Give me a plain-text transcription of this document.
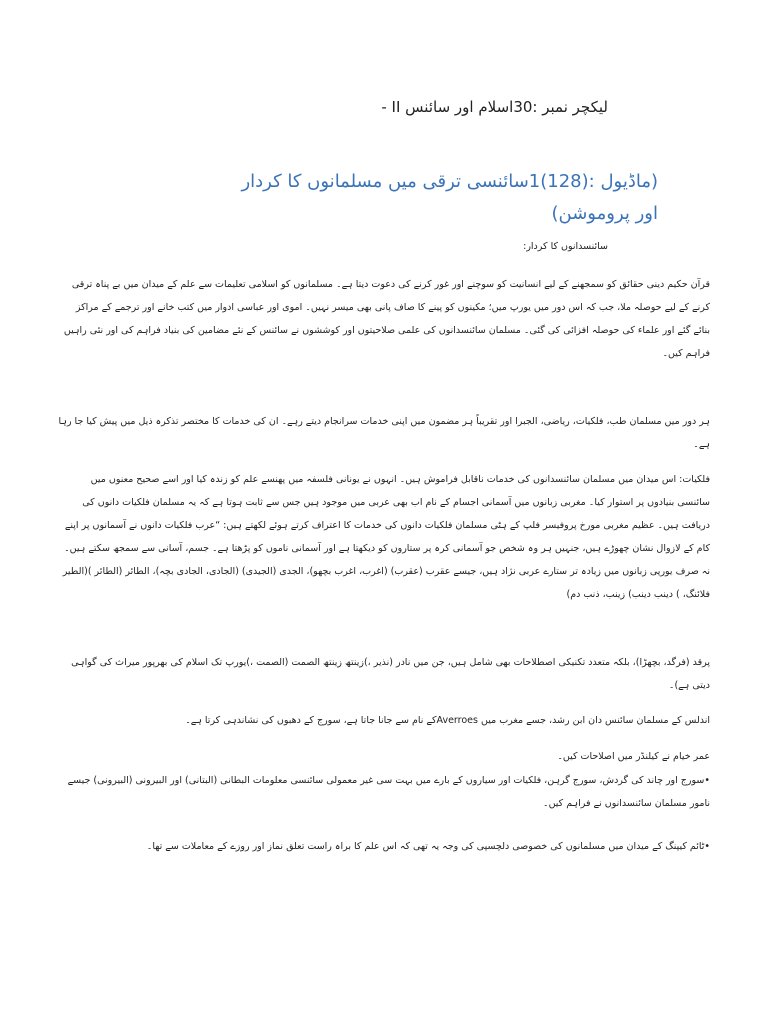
لیکچر نمبر :30اسلام اور سائنس II -

(ماڈیول :(128)1سائنسی ترقی میں مسلمانوں کا کردار اور پروموشن)

سائنسدانوں کا کردار:

قرآن حکیم دینی حقائق کو سمجھنے کے لیے انسانیت کو سوچنے اور غور کرنے کی دعوت دیتا ہے۔ مسلمانوں کو اسلامی تعلیمات سے علم کے میدان میں بے پناہ ترقی کرنے کے لیے حوصلہ ملا، جب کہ اس دور میں یورپ میں؛ مکینوں کو پینے کا صاف پانی بھی میسر نہیں۔ اموی اور عباسی ادوار میں کتب خانے اور ترجمے کے مراکز بنائے گئے اور علماء کی حوصلہ افزائی کی گئی۔ مسلمان سائنسدانوں کی علمی صلاحیتوں اور کوششوں نے سائنس کے نئے مضامین کی بنیاد فراہم کی اور نئی راہیں فراہم کیں۔

ہر دور میں مسلمان طب، فلکیات، ریاضی، الجبرا اور تقریباً ہر مضمون میں اپنی خدمات سرانجام دیتے رہے۔ ان کی خدمات کا مختصر تذکرہ ذیل میں پیش کیا جا رہا ہے۔

فلکیات: اس میدان میں مسلمان سائنسدانوں کی خدمات ناقابل فراموش ہیں۔ انہوں نے یونانی فلسفہ میں پھنسے علم کو زندہ کیا اور اسے صحیح معنوں میں سائنسی بنیادوں پر استوار کیا۔ مغربی زبانوں میں آسمانی اجسام کے نام اب بھی عربی میں موجود ہیں جس سے ثابت ہوتا ہے کہ یہ مسلمان فلکیات دانوں کی دریافت ہیں۔ عظیم مغربی مورخ پروفیسر فلپ کے ہٹی مسلمان فلکیات دانوں کی خدمات کا اعتراف کرتے ہوئے لکھتے ہیں: “عرب فلکیات دانوں نے آسمانوں پر اپنے کام کے لازوال نشان چھوڑے ہیں، جنہیں ہر وہ شخص جو آسمانی کرہ پر ستاروں کو دیکھتا ہے اور آسمانی ناموں کو پڑھتا ہے۔ جسم، آسانی سے سمجھ سکتے ہیں۔ نہ صرف یورپی زبانوں میں زیادہ تر ستارے عربی نژاد ہیں، جیسے عقرب (عقرب) (اغرب، اغرب بچھو)، الجدی (الجیدی) (الجادی، الجادی بچہ)، الطائر (الطائر )(الطیر فلائنگ، ) دینب دینب) زینب، ذنب دم)

پرقد (فرگد، بچھڑا)، بلکہ متعدد تکنیکی اصطلاحات بھی شامل ہیں، جن میں نادر (نذیر ،)زینتھ زینتھ الصمت (الصمت ،)یورپ تک اسلام کی بھرپور میراث کی گواہی دیتی ہے)۔

اندلس کے مسلمان سائنس دان ابن رشد، جسے مغرب میں Averroesکے نام سے جانا جاتا ہے، سورج کے دھبوں کی نشاندہی کرتا ہے۔

عمر خیام نے کیلنڈر میں اصلاحات کیں۔

•سورج اور چاند کی گردش، سورج گرہن، فلکیات اور سیاروں کے بارے میں بہت سی غیر معمولی سائنسی معلومات البطانی (البتانی) اور البیرونی (البیرونی) جیسے نامور مسلمان سائنسدانوں نے فراہم کیں۔

•ٹائم کیپنگ کے میدان میں مسلمانوں کی خصوصی دلچسپی کی وجہ یہ تھی کہ اس علم کا براہ راست تعلق نماز اور روزے کے معاملات سے تھا۔
